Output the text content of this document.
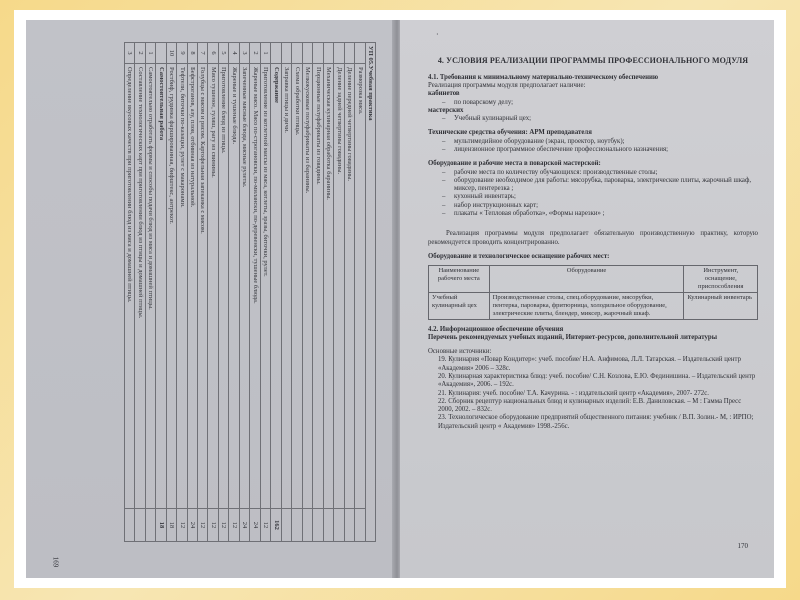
УП 05.Учебная практика		
	Разморозка мяса.	
	Деление передней четвертины говядины.	
	Деление задней четвертины говядины.	
	Механическая кулинарная обработка баранины.	
	Порционные полуфабрикаты из говядины.	
	Мелкокусковые полуфабрикаты из баранины.	
	Схема обработки птицы.	
	Заправка птицы и дичи.	
	Содержание	162
1	Приготовление из котлетной массы из мяса, котлеты, зразы, биточки, рулет.	12
2	Жареные мясо. Мясо по-строгановски, по-милански, по-деревенски, тушеные блюда.	24
3	Запеченные мясные блюда, мясные рулеты.	24
4	Жареные и тушеные блюда.	12
5	Приготовление блюд из птицы.	12
6	Мясо тушеное, гуляш, рагу из свинины.	12
7	Голубцы с мясом и рисом. Картофельная запеканка с мясом.	12
8	Бефстроганов, азу, плов, отбивная из натуральной.	24
9	Тефтели, биточки по-казацки, рулет с макаронами.	12
10	Ростбиф, грудинка фаршированная, бифштекс, антрекот.	18
	Самостоятельная работа	18
1	Самостоятельно отработать формы и способы подачи блюд из мяса и домашней птицы.	
2	Составление технологических карт при приготовлении блюд из птицы и домашней птицы.	
3	Определение вкусовых качеств при приготовлении блюд из мяса и домашней птицы.	
169
·
4. УСЛОВИЯ РЕАЛИЗАЦИИ ПРОГРАММЫ ПРОФЕССИОНАЛЬНОГО МОДУЛЯ

4.1. Требования к минимальному материально-техническому обеспечению

Реализация программы модуля предполагает наличие:

кабинетов

– по поварскому делу;

мастерских

– Учебный кулинарный цех;

Технические средства обучения: АРМ преподавателя

– мультимедийное оборудование (экран, проектор, ноутбук);

– лицензионное программное обеспечение профессионального назначения;

Оборудование и рабочие места в поварской мастерской:

– рабочие места по количеству обучающихся: производственные столы;

– оборудование необходимое для работы: мясорубка, пароварка, электрические плиты, жарочный шкаф, миксер, пентерезка ;

– кухонный инвентарь;

– набор инструкционных карт;

– плакаты « Тепловая обработка», «Формы нарезки» ;

Реализация программы модуля предполагает обязательную производственную практику, которую рекомендуется проводить концентрированно.

Оборудование и технологическое оснащение рабочих мест:

Наименование рабочего места	Оборудование	Инструмент, оснащение, приспособления
Учебный кулинарный цех	Производственные столы, спец.оборудование, мясорубки, пентерка, пароварка, фритюрница, холодильное оборудование, электрические плиты, блендер, миксер, жарочный шкаф.	Кулинарный инвентарь

4.2. Информационное обеспечение обучения

Перечень рекомендуемых учебных изданий, Интернет-ресурсов, дополнительной литературы

Основные источники:

19. Кулинария «Повар Кондитер»: учеб. пособие/ Н.А. Анфимова, Л.Л. Татарская. – Издательский центр «Академия» 2006 – 328с.

20. Кулинарная характеристика блюд: учеб. пособие/ С.Н. Козлова, Е.Ю. Фединишина. – Издательский центр «Академия», 2006. – 192с.

21. Кулинария: учеб. пособие/ Т.А. Качурина. - : издательский центр «Академия», 2007- 272с.

22. Сборник рецептур национальных блюд и кулинарных изделий: Е.В. Даниловская. – М : Гамма Пресс 2000, 2002. – 832с.

23. Технологическое оборудование предприятий общественного питания: учебник / В.П. Золин.- М, : ИРПО; Издательский центр « Академия» 1998.-256с.

170
